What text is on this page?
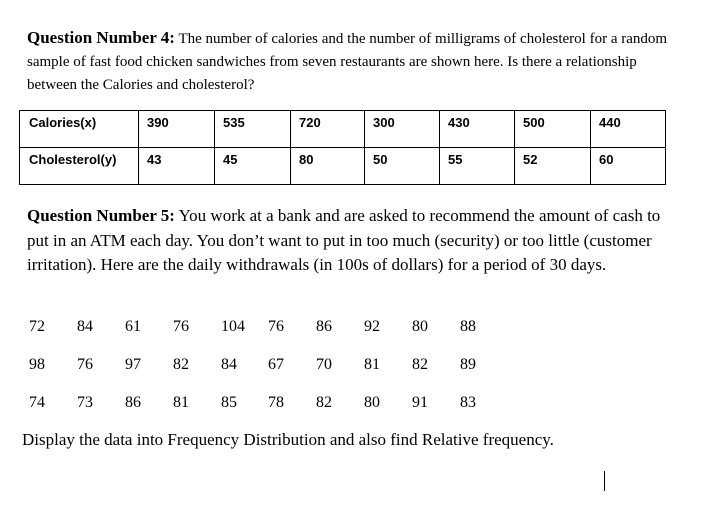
Question Number 4: The number of calories and the number of milligrams of cholesterol for a random sample of fast food chicken sandwiches from seven restaurants are shown here. Is there a relationship between the Calories and cholesterol?
Calories(x)	390	535	720	300	430	500	440
Cholesterol(y)	43	45	80	50	55	52	60
Question Number 5: You work at a bank and are asked to recommend the amount of cash to put in an ATM each day. You don’t want to put in too much (security) or too little (customer irritation). Here are the daily withdrawals (in 100s of dollars) for a period of 30 days.
72 84 61 76 104 76 86 92 80 88
98 76 97 82 84 67 70 81 82 89
74 73 86 81 85 78 82 80 91 83
Display the data into Frequency Distribution and also find Relative frequency.
